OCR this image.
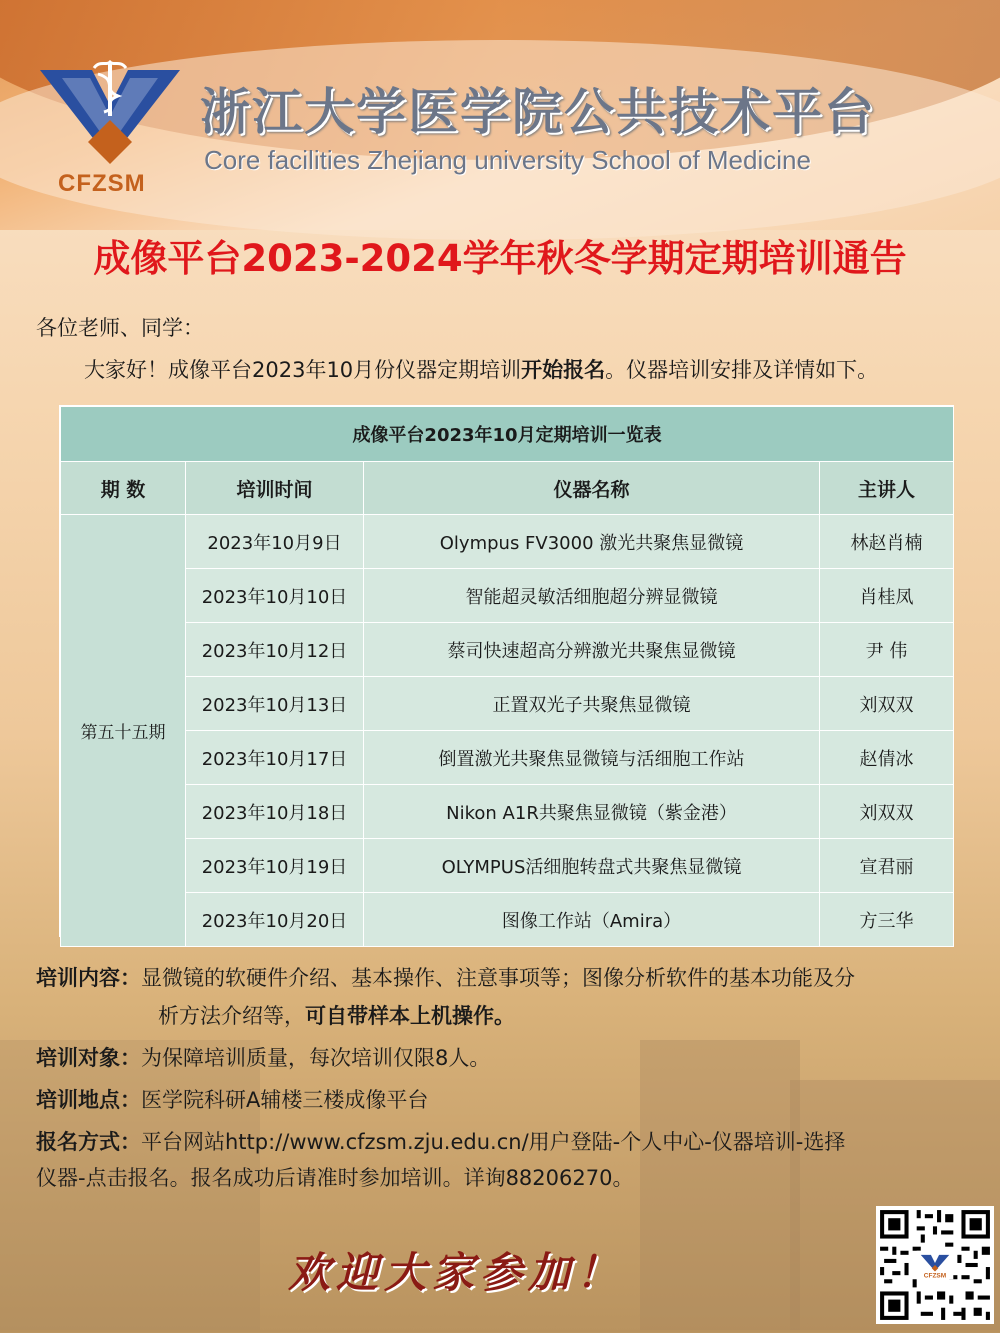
CFZSM
浙江大学医学院公共技术平台
Core facilities Zhejiang university School of Medicine
成像平台2023-2024学年秋冬学期定期培训通告
各位老师、同学：
大家好！成像平台2023年10月份仪器定期培训开始报名。仪器培训安排及详情如下。
成像平台2023年10月定期培训一览表			
期 数	培训时间	仪器名称	主讲人
第五十五期	2023年10月9日	Olympus FV3000 激光共聚焦显微镜	林赵肖楠
	2023年10月10日	智能超灵敏活细胞超分辨显微镜	肖桂凤
	2023年10月12日	蔡司快速超高分辨激光共聚焦显微镜	尹 伟
	2023年10月13日	正置双光子共聚焦显微镜	刘双双
	2023年10月17日	倒置激光共聚焦显微镜与活细胞工作站	赵倩冰
	2023年10月18日	Nikon A1R共聚焦显微镜（紫金港）	刘双双
	2023年10月19日	OLYMPUS活细胞转盘式共聚焦显微镜	宣君丽
	2023年10月20日	图像工作站（Amira）	方三华
培训内容：显微镜的软硬件介绍、基本操作、注意事项等；图像分析软件的基本功能及分
析方法介绍等，可自带样本上机操作。
培训对象：为保障培训质量，每次培训仅限8人。
培训地点：医学院科研A辅楼三楼成像平台
报名方式：平台网站http://www.cfzsm.zju.edu.cn/用户登陆-个人中心-仪器培训-选择
仪器-点击报名。报名成功后请准时参加培训。详询88206270。
欢迎大家参加！	CFZSM
